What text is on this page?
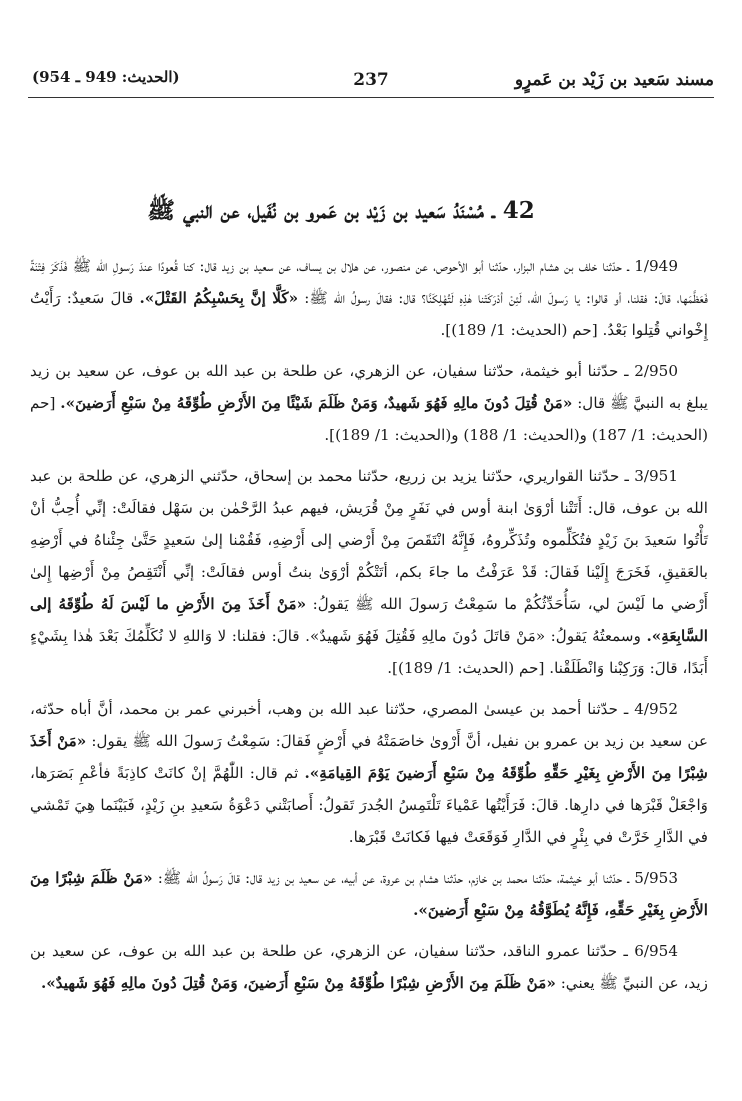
مسند سَعيد بن زَيْد بن عَمرٍو
237
(الحديث: 949 ـ 954)
42 ـ مُسْنَدُ سَعيد بن زَيْد بن عَمرو بن نُفَيل، عن النبي ﷺ

1/949 ـ حدّثنا خلف بن هشام البزار، حدّثنا أبو الأحوص، عن منصور، عن هلال بن يساف، عن سعيد بن زيد قال: كنا قُعودًا عندَ رَسولِ الله ﷺ فَذَكَرَ فِتْنَةً فَعَظَّمَها، قالَ: فقلنا، أو قالوا: يا رَسولَ الله، لَئِنْ أدْرَكَتْنا هٰذِهِ لَتُهْلِكَنَّا؟ قال: فقالَ رسولُ الله ﷺ: «كَلَّا إنَّ بِحَسْبِكُمُ القَتْلَ». قالَ سَعيدٌ: رَأَيْتُ إِخْواني قُتِلوا بَعْدُ. [حم (الحديث: 1/ 189)].

2/950 ـ حدّثنا أبو خيثمة، حدّثنا سفيان، عن الزهري، عن طلحة بن عبد الله بن عوف، عن سعيد بن زيد يبلغ به النبيَّ ﷺ قال: «مَنْ قُتِلَ دُونَ مالِهِ فَهُوَ شَهيدٌ، وَمَنْ ظَلَمَ شَيْئًا مِنَ الأَرْضِ طُوِّقَهُ مِنْ سَبْعِ أَرَضينَ». [حم (الحديث: 1/ 187) و(الحديث: 1/ 188) و(الحديث: 1/ 189)].

3/951 ـ حدّثنا القواريري، حدّثنا يزيد بن زريع، حدّثنا محمد بن إسحاق، حدّثني الزهري، عن طلحة بن عبد الله بن عوف، قال: أَتَتْنا أرْوَىٰ ابنة أوس في نَفَرٍ مِنْ قُرَيش، فيهم عبدُ الرَّحْمٰن بن سَهْل فقالَتْ: إنِّي أُحِبُّ أنْ تَأْتُوا سَعيدَ بنَ زَيْدٍ فتُكَلِّموه وتُذَكِّروهُ، فَإِنَّهُ انْتَقَصَ مِنْ أَرْضي إلى أَرْضِهِ، فَقُمْنا إلىٰ سَعيدٍ حَتَّىٰ جِئْناهُ في أَرْضِهِ بالعَقيقِ، فَخَرَجَ إِلَيْنا فَقالَ: قَدْ عَرَفْتُ ما جاءَ بكم، أتَتْكُمْ أرْوَىٰ بنتُ أوس فقالَتْ: إنِّي أَنْتَقِصُ مِنْ أَرْضِها إِلىٰ أَرْضي ما لَيْسَ لي، سَأُحَدِّثُكُمْ ما سَمِعْتُ رَسولَ الله ﷺ يَقولُ: «مَنْ أَخَذَ مِنَ الأَرْضِ ما لَيْسَ لَهُ طُوِّقَهُ إلى السَّابِعَةِ». وسمعتُهُ يَقولُ: «مَنْ قاتَلَ دُونَ مالِهِ فَقُتِلَ فَهُوَ شَهيدٌ». قالَ: فقلنا: لا وَاللهِ لا نُكَلِّمُكَ بَعْدَ هٰذا بِشَيْءٍ أَبَدًا، قالَ: وَرَكِبْنا وَانْطَلَقْنا. [حم (الحديث: 1/ 189)].

4/952 ـ حدّثنا أحمد بن عيسىٰ المصري، حدّثنا عبد الله بن وهب، أخبرني عمر بن محمد، أنَّ أباه حدّثه، عن سعيد بن زيد بن عمرو بن نفيل، أنَّ أَرْوىٰ خاصَمَتْهُ في أَرْضٍ فَقالَ: سَمِعْتُ رَسولَ الله ﷺ يقول: «مَنْ أَخَذَ شِبْرًا مِنَ الأَرْضِ بِغَيْرِ حَقِّهِ طُوِّقَهُ مِنْ سَبْعِ أَرَضينَ يَوْمَ القِيامَةِ». ثم قال: اللّٰهُمَّ إنْ كانَتْ كاذِبَةً فأعْمِ بَصَرَها، وَاجْعَلْ قَبْرَها في دارِها. قالَ: فَرَأَيْتُها عَمْياءَ تَلْتَمِسُ الجُدرَ تَقولُ: أَصابَتْني دَعْوَةُ سَعيدِ بنِ زَيْدٍ، فَبَيْنَما هِيَ تَمْشي في الدَّارِ خَرَّتْ في بِئْرٍ في الدَّارِ فَوَقَعَتْ فيها فَكانَتْ قَبْرَها.

5/953 ـ حدّثنا أبو خيثمة، حدّثنا محمد بن خازم، حدّثنا هشام بن عروة، عن أبيه، عن سعيد بن زيد قال: قالَ رَسولُ الله ﷺ: «مَنْ ظَلَمَ شِبْرًا مِنَ الأَرْضِ بِغَيْرِ حَقِّهِ، فَإِنَّهُ يُطَوَّقُهُ مِنْ سَبْعِ أَرَضينَ».

6/954 ـ حدّثنا عمرو الناقد، حدّثنا سفيان، عن الزهري، عن طلحة بن عبد الله بن عوف، عن سعيد بن زيد، عن النبيِّ ﷺ يعني: «مَنْ ظَلَمَ مِنَ الأَرْضِ شِبْرًا طُوِّقَهُ مِنْ سَبْعِ أَرَضينَ، وَمَنْ قُتِلَ دُونَ مالِهِ فَهُوَ شَهيدٌ».
